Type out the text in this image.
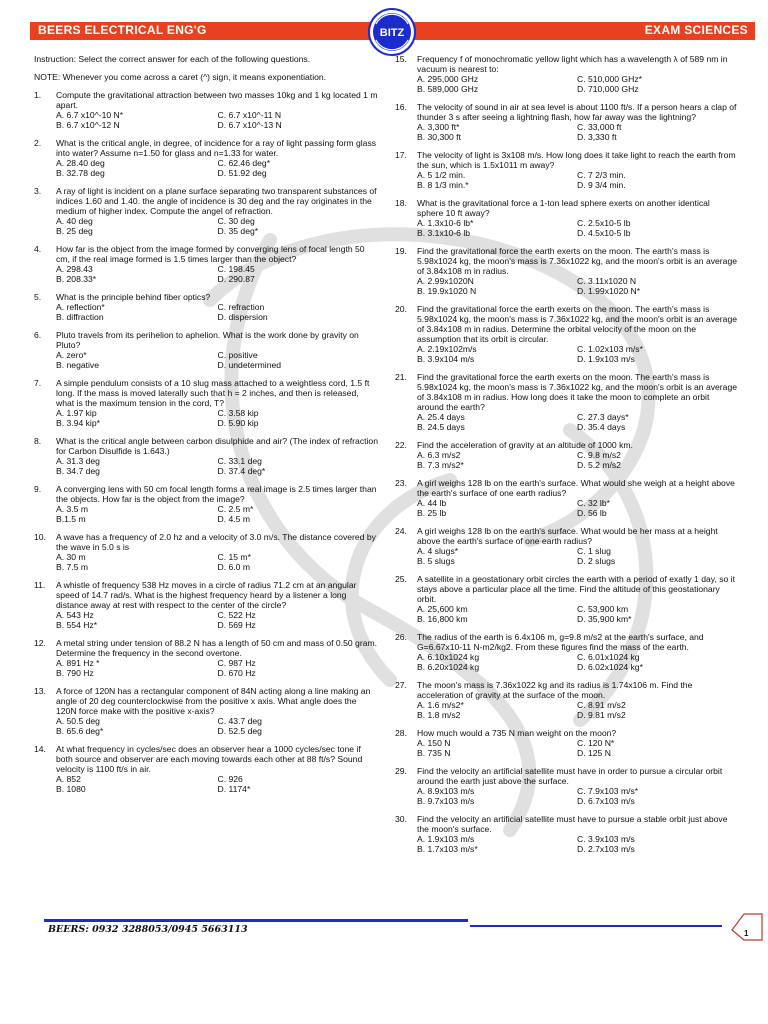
BEERS ELECTRICAL ENG'G	EXAM SCIENCES
BITZ

Instruction: Select the correct answer for each of the following questions.

NOTE: Whenever you come across a caret (^) sign, it means exponentiation.

1.	Compute the gravitational attraction between two masses 10kg and 1 kg located 1 m apart.
A. 6.7 x10^-10 N*	C. 6.7 x10^-11 N
B. 6.7 x10^-12 N	D. 6.7 x10^-13 N
2.	What is the critical angle, in degree, of incidence for a ray of light passing form glass into water? Assume n=1.50 for glass and n=1.33 for water.
A. 28.40 deg	C. 62.46 deg*
B. 32.78 deg	D. 51.92 deg
3.	A ray of light is incident on a plane surface separating two transparent substances of indices 1.60 and 1.40. the angle of incidence is 30 deg and the ray originates in the medium of higher index. Compute the angel of refraction.
A. 40 deg	C. 30 deg
B. 25 deg	D. 35 deg*
4.	How far is the object from the image formed by converging lens of focal length 50 cm, if the real image formed is 1.5 times larger than the object?
A. 298.43	C. 198.45
B. 208.33*	D. 290.87
5.	What is the principle behind fiber optics?
A. reflection*	C. refraction
B. diffraction	D. dispersion
6.	Pluto travels from its perihelion to aphelion. What is the work done by gravity on Pluto?
A. zero*	C. positive
B. negative	D. undetermined
7.	A simple pendulum consists of a 10 slug mass attached to a weightless cord, 1.5 ft long. If the mass is moved laterally such that h = 2 inches, and then is released, what is the maximum tension in the cord, T?
A. 1.97 kip	C. 3.58 kip
B. 3.94 kip*	D. 5.90 kip
8.	What is the critical angle between carbon disulphide and air? (The index of refraction for Carbon Disulfide is 1.643.)
A. 31.3 deg	C. 33.1 deg
B. 34.7 deg	D. 37.4 deg*
9.	A converging lens with 50 cm focal length forms a real image is 2.5 times larger than the objects. How far is the object from the image?
A. 3.5 m	C. 2.5 m*
B.1.5 m	D. 4.5 m
10.	A wave has a frequency of 2.0 hz and a velocity of 3.0 m/s. The distance covered by the wave in 5.0 s is
A. 30 m	C. 15 m*
B. 7.5 m	D. 6.0 m
11.	A whistle of frequency 538 Hz moves in a circle of radius 71.2 cm at an angular speed of 14.7 rad/s. What is the highest frequency heard by a listener a long distance away at rest with respect to the center of the circle?
A. 543 Hz	C. 522 Hz
B. 554 Hz*	D. 569 Hz
12.	A metal string under tension of 88.2 N has a length of 50 cm and mass of 0.50 gram. Determine the frequency in the second overtone.
A. 891 Hz *	C. 987 Hz
B. 790 Hz	D. 670 Hz
13.	A force of 120N has a rectangular component of 84N acting along a line making an angle of 20 deg counterclockwise from the positive x axis. What angle does the 120N force make with the positive x-axis?
A. 50.5 deg	C. 43.7 deg
B. 65.6 deg*	D. 52.5 deg
14.	At what frequency in cycles/sec does an observer hear a 1000 cycles/sec tone if both source and observer are each moving towards each other at 88 ft/s? Sound velocity is 1100 ft/s in air.
A. 852	C. 926
B. 1080	D. 1174*
15.	Frequency f of monochromatic yellow light which has a wavelength λ of 589 nm in vacuum is nearest to:
A. 295,000 GHz	C. 510,000 GHz*
B. 589,000 GHz	D. 710,000 GHz
16.	The velocity of sound in air at sea level is about 1100 ft/s. If a person hears a clap of thunder 3 s after seeing a lightning flash, how far away was the lightning?
A. 3,300 ft*	C. 33,000 ft
B. 30,300 ft	D. 3,330 ft
17.	The velocity of light is 3x108 m/s. How long does it take light to reach the earth from the sun, which is 1.5x1011 m away?
A. 5 1/2 min.	C. 7 2/3 min.
B. 8 1/3 min.*	D. 9 3/4 min.
18.	What is the gravitational force a 1-ton lead sphere exerts on another identical sphere 10 ft away?
A. 1.3x10-6 lb*	C. 2.5x10-5 lb
B. 3.1x10-6 lb	D. 4.5x10-5 lb
19.	Find the gravitational force the earth exerts on the moon. The earth's mass is 5.98x1024 kg, the moon's mass is 7.36x1022 kg, and the moon's orbit is an average of 3.84x108 m in radius.
A. 2.99x1020N	C. 3.11x1020 N
B. 19.9x1020 N	D. 1.99x1020 N*
20.	Find the gravitational force the earth exerts on the moon. The earth's mass is 5.98x1024 kg, the moon's mass is 7.36x1022 kg, and the moon's orbit is an average of 3.84x108 m in radius. Determine the orbital velocity of the moon on the assumption that its orbit is circular.
A. 2.19x102m/s	C. 1.02x103 m/s*
B. 3.9x104 m/s	D. 1.9x103 m/s
21.	Find the gravitational force the earth exerts on the moon. The earth's mass is 5.98x1024 kg, the moon's mass is 7.36x1022 kg, and the moon's orbit is an average of 3.84x108 m in radius. How long does it take the moon to complete an orbit around the earth?
A. 25.4 days	C. 27.3 days*
B. 24.5 days	D. 35.4 days
22.	Find the acceleration of gravity at an altitude of 1000 km.
A. 6.3 m/s2	C. 9.8 m/s2
B. 7.3 m/s2*	D. 5.2 m/s2
23.	A girl weighs 128 lb on the earth's surface. What would she weigh at a height above the earth's surface of one earth radius?
A. 44 lb	C. 32 lb*
B. 25 lb	D. 56 lb
24.	A girl weighs 128 lb on the earth's surface. What would be her mass at a height above the earth's surface of one earth radius?
A. 4 slugs*	C. 1 slug
B. 5 slugs	D. 2 slugs
25.	A satellite in a geostationary orbit circles the earth with a period of exatly 1 day, so it stays above a particular place all the time. Find the altitude of this geostationary orbit.
A. 25,600 km	C. 53,900 km
B. 16,800 km	D. 35,900 km*
26.	The radius of the earth is 6.4x106 m, g=9.8 m/s2 at the earth's surface, and G=6.67x10-11 N-m2/kg2. From these figures find the mass of the earth.
A. 6.10x1024 kg	C. 6.01x1024 kg
B. 6.20x1024 kg	D. 6.02x1024 kg*
27.	The moon's mass is 7.36x1022 kg and its radius is 1.74x106 m. Find the acceleration of gravity at the surface of the moon.
A. 1.6 m/s2*	C. 8.91 m/s2
B. 1.8 m/s2	D. 9.81 m/s2
28.	How much would a 735 N man weight on the moon?
A. 150 N	C. 120 N*
B. 735 N	D. 125 N
29.	Find the velocity an artificial satellite must have in order to pursue a circular orbit around the earth just above the surface.
A. 8.9x103 m/s	C. 7.9x103 m/s*
B. 9.7x103 m/s	D. 6.7x103 m/s
30.	Find the velocity an artificial satellite must have to pursue a stable orbit just above the moon's surface.
A. 1.9x103 m/s	C. 3.9x103 m/s
B. 1.7x103 m/s*	D. 2.7x103 m/s
BEERS: 0932 3288053/0945 5663113	1
